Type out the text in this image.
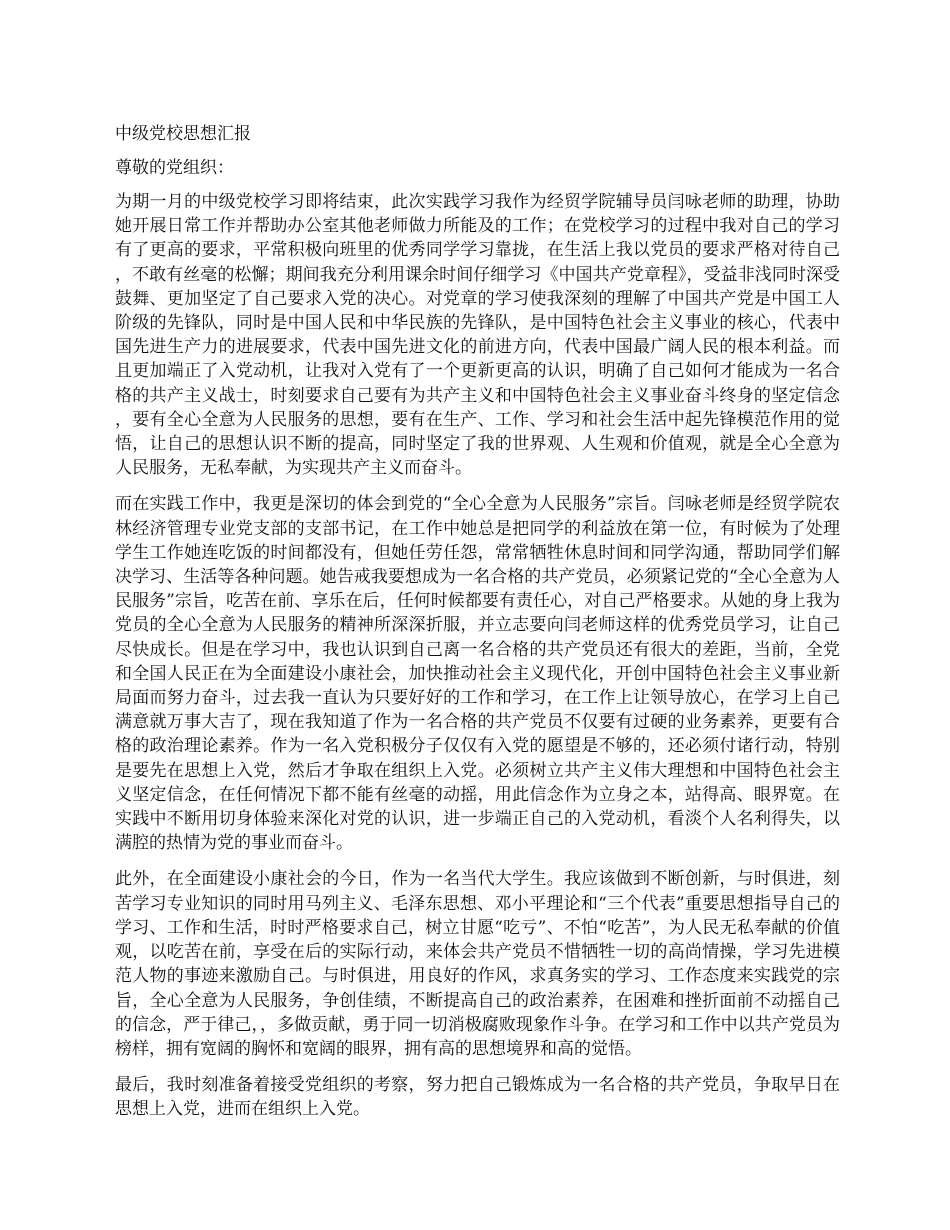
中级党校思想汇报
尊敬的党组织：

为期一月的中级党校学习即将结束，此次实践学习我作为经贸学院辅导员闫咏老师的助理，协助她开展日常工作并帮助办公室其他老师做力所能及的工作；在党校学习的过程中我对自己的学习有了更高的要求，平常积极向班里的优秀同学学习靠拢，在生活上我以党员的要求严格对待自己，不敢有丝毫的松懈；期间我充分利用课余时间仔细学习《中国共产党章程》，受益非浅同时深受鼓舞、更加坚定了自己要求入党的决心。对党章的学习使我深刻的理解了中国共产党是中国工人阶级的先锋队，同时是中国人民和中华民族的先锋队，是中国特色社会主义事业的核心，代表中国先进生产力的进展要求，代表中国先进文化的前进方向，代表中国最广阔人民的根本利益。而且更加端正了入党动机，让我对入党有了一个更新更高的认识，明确了自己如何才能成为一名合格的共产主义战士，时刻要求自己要有为共产主义和中国特色社会主义事业奋斗终身的坚定信念，要有全心全意为人民服务的思想，要有在生产、工作、学习和社会生活中起先锋模范作用的觉悟，让自己的思想认识不断的提高，同时坚定了我的世界观、人生观和价值观，就是全心全意为人民服务，无私奉献，为实现共产主义而奋斗。

而在实践工作中，我更是深切的体会到党的“全心全意为人民服务”宗旨。闫咏老师是经贸学院农林经济管理专业党支部的支部书记，在工作中她总是把同学的利益放在第一位，有时候为了处理学生工作她连吃饭的时间都没有，但她任劳任怨，常常牺牲休息时间和同学沟通，帮助同学们解决学习、生活等各种问题。她告戒我要想成为一名合格的共产党员，必须紧记党的“全心全意为人民服务”宗旨，吃苦在前、享乐在后，任何时候都要有责任心，对自己严格要求。从她的身上我为党员的全心全意为人民服务的精神所深深折服，并立志要向闫老师这样的优秀党员学习，让自己尽快成长。但是在学习中，我也认识到自己离一名合格的共产党员还有很大的差距，当前，全党和全国人民正在为全面建设小康社会，加快推动社会主义现代化，开创中国特色社会主义事业新局面而努力奋斗，过去我一直认为只要好好的工作和学习，在工作上让领导放心，在学习上自己满意就万事大吉了，现在我知道了作为一名合格的共产党员不仅要有过硬的业务素养，更要有合格的政治理论素养。作为一名入党积极分子仅仅有入党的愿望是不够的，还必须付诸行动，特别是要先在思想上入党，然后才争取在组织上入党。必须树立共产主义伟大理想和中国特色社会主义坚定信念，在任何情况下都不能有丝毫的动摇，用此信念作为立身之本，站得高、眼界宽。在实践中不断用切身体验来深化对党的认识，进一步端正自己的入党动机，看淡个人名利得失，以满腔的热情为党的事业而奋斗。

此外，在全面建设小康社会的今日，作为一名当代大学生。我应该做到不断创新，与时俱进，刻苦学习专业知识的同时用马列主义、毛泽东思想、邓小平理论和“三个代表”重要思想指导自己的学习、工作和生活，时时严格要求自己，树立甘愿“吃亏”、不怕“吃苦”，为人民无私奉献的价值观，以吃苦在前，享受在后的实际行动，来体会共产党员不惜牺牲一切的高尚情操，学习先进模范人物的事迹来激励自己。与时俱进，用良好的作风，求真务实的学习、工作态度来实践党的宗旨，全心全意为人民服务，争创佳绩，不断提高自己的政治素养，在困难和挫折面前不动摇自己的信念，严于律己，，多做贡献，勇于同一切消极腐败现象作斗争。在学习和工作中以共产党员为榜样，拥有宽阔的胸怀和宽阔的眼界，拥有高的思想境界和高的觉悟。

最后，我时刻准备着接受党组织的考察，努力把自己锻炼成为一名合格的共产党员，争取早日在思想上入党，进而在组织上入党。
